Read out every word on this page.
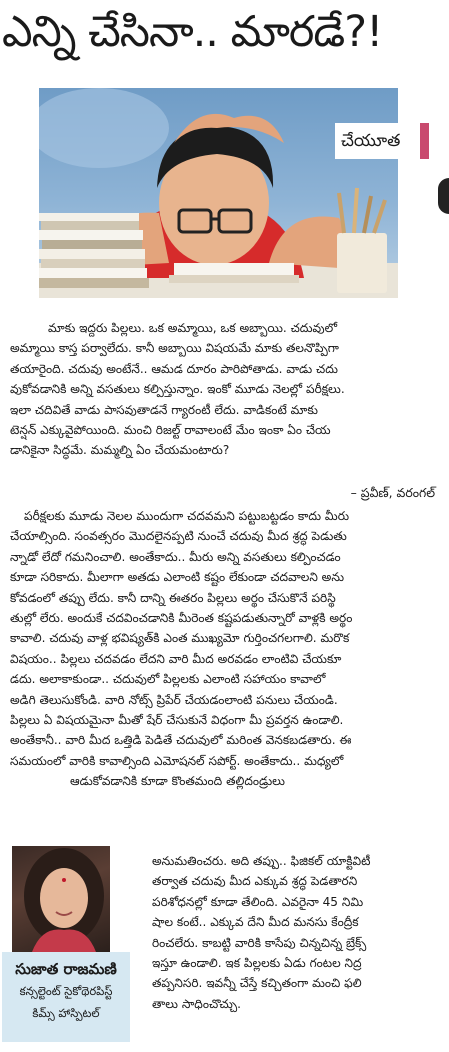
ఎన్ని చేసినా.. మారడే?!
చేయూత
మాకు ఇద్దరు పిల్లలు. ఒక అమ్మాయి, ఒక అబ్బాయి. చదువులో
అమ్మాయి కాస్త పర్వాలేదు. కానీ అబ్బాయి విషయమే మాకు తలనొప్పిగా
తయారైంది. చదువు అంటేనే.. ఆమడ దూరం పారిపోతాడు. వాడు చదు
వుకోవడానికి అన్ని వసతులు కల్పిస్తున్నాం. ఇంకో మూడు నెలల్లో పరీక్షలు.
ఇలా చదివితే వాడు పాసవుతాడనే గ్యారంటీ లేదు. వాడికంటే మాకు
టెన్షన్ ఎక్కువైపోయింది. మంచి రిజల్ట్ రావాలంటే మేం ఇంకా ఏం చేయ
డానికైనా సిద్ధమే. మమ్మల్ని ఏం చేయమంటారు?
– ప్రవీణ్, వరంగల్
పరీక్షలకు మూడు నెలల ముందుగా చదవమని పట్టుబట్టడం కాదు మీరు
చేయాల్సింది. సంవత్సరం మొదలైనప్పటి నుంచే చదువు మీద శ్రద్ధ పెడుతు
న్నాడో లేదో గమనించాలి. అంతేకాదు.. మీరు అన్ని వసతులు కల్పించడం
కూడా సరికాదు. మీలాగా అతడు ఎలాంటి కష్టం లేకుండా చదవాలని అను
కోవడంలో తప్పు లేదు. కానీ దాన్ని ఈతరం పిల్లలు అర్థం చేసుకొనే పరిస్థి
తుల్లో లేరు. అందుకే చదవించడానికి మీరెంత కష్టపడుతున్నారో వాళ్లకి అర్థం
కావాలి. చదువు వాళ్ల భవిష్యత్‌కి ఎంత ముఖ్యమో గుర్తించగలగాలి. మరొక
విషయం.. పిల్లలు చదవడం లేదని వారి మీద అరవడం లాంటివి చేయకూ
డదు. అలాకాకుండా.. చదువులో పిల్లలకు ఎలాంటి సహాయం కావాలో
అడిగి తెలుసుకోండి. వారి నోట్స్ ప్రిపేర్ చేయడంలాంటి పనులు చేయండి.
పిల్లలు ఏ విషయమైనా మీతో షేర్ చేసుకునే విధంగా మీ ప్రవర్తన ఉండాలి.
అంతేకానీ.. వారి మీద ఒత్తిడి పెడితే చదువులో మరింత వెనకబడతారు. ఈ
సమయంలో వారికి కావాల్సింది ఎమోషనల్ సపోర్ట్. అంతేకాదు.. మధ్యలో
ఆడుకోవడానికి కూడా కొంతమంది తల్లిదండ్రులు
సుజాత రాజమణి
కన్సల్టెంట్ సైకోథెరపిస్ట్
కిమ్స్ హాస్పిటల్
అనుమతించరు. అది తప్పు.. ఫిజికల్ యాక్టివిటీ
తర్వాత చదువు మీద ఎక్కువ శ్రద్ధ పెడతారని
పరిశోధనల్లో కూడా తేలింది. ఎవరైనా 45 నిమి
షాల కంటే.. ఎక్కువ దేని మీద మనసు కేంద్రీక
రించలేరు. కాబట్టి వారికి కాసేపు చిన్నచిన్న బ్రేక్స్
ఇస్తూ ఉండాలి. ఇక పిల్లలకు ఏడు గంటల నిద్ర
తప్పనిసరి. ఇవన్నీ చేస్తే కచ్చితంగా మంచి ఫలి
తాలు సాధించొచ్చు.
